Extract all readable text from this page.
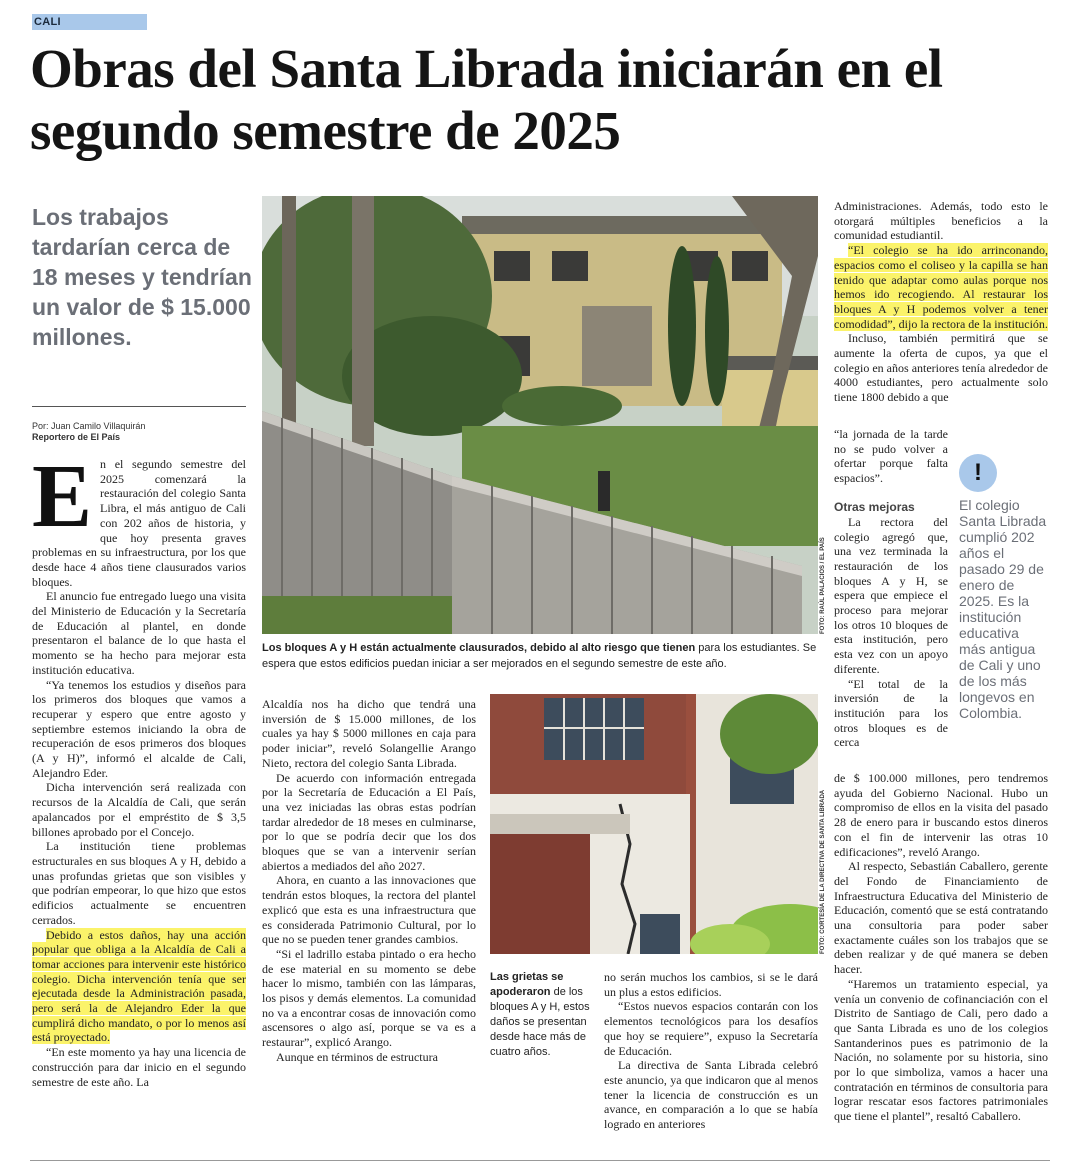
CALI
Obras del Santa Librada iniciarán en el segundo semestre de 2025
Los trabajos tardarían cerca de 18 meses y tendrían un valor de $ 15.000 millones.
Por: Juan Camilo Villaquirán
Reportero de El País
E n el segundo semestre del 2025 comenzará la restauración del colegio Santa Libra, el más antiguo de Cali con 202 años de historia, y que hoy presenta graves problemas en su infraestructura, por los que desde hace 4 años tiene clausurados varios bloques.

El anuncio fue entregado luego una visita del Ministerio de Educación y la Secretaría de Educación al plantel, en donde presentaron el balance de lo que hasta el momento se ha hecho para mejorar esta institución educativa.

“Ya tenemos los estudios y diseños para los primeros dos bloques que vamos a recuperar y espero que entre agosto y septiembre estemos iniciando la obra de recuperación de esos primeros dos bloques (A y H)”, informó el alcalde de Cali, Alejandro Eder.

Dicha intervención será realizada con recursos de la Alcaldía de Cali, que serán apalancados por el empréstito de $ 3,5 billones aprobado por el Concejo.

La institución tiene problemas estructurales en sus bloques A y H, debido a unas profundas grietas que son visibles y que podrían empeorar, lo que hizo que estos edificios actualmente se encuentren cerrados.

Debido a estos daños, hay una acción popular que obliga a la Alcaldía de Cali a tomar acciones para intervenir este histórico colegio. Dicha intervención tenía que ser ejecutada desde la Administración pasada, pero será la de Alejandro Eder la que cumplirá dicho mandato, o por lo menos así está proyectado.

“En este momento ya hay una licencia de construcción para dar inicio en el segundo semestre de este año. La

FOTO: RAÚL PALACIOS / EL PAÍS
Los bloques A y H están actualmente clausurados, debido al alto riesgo que tienen para los estudiantes. Se espera que estos edificios puedan iniciar a ser mejorados en el segundo semestre de este año.

Alcaldía nos ha dicho que tendrá una inversión de $ 15.000 millones, de los cuales ya hay $ 5000 millones en caja para poder iniciar”, reveló Solangellie Arango Nieto, rectora del colegio Santa Librada.

De acuerdo con información entregada por la Secretaría de Educación a El País, una vez iniciadas las obras estas podrían tardar alrededor de 18 meses en culminarse, por lo que se podría decir que los dos bloques que se van a intervenir serían abiertos a mediados del año 2027.

Ahora, en cuanto a las innovaciones que tendrán estos bloques, la rectora del plantel explicó que esta es una infraestructura que es considerada Patrimonio Cultural, por lo que no se pueden tener grandes cambios.

“Si el ladrillo estaba pintado o era hecho de ese material en su momento se debe hacer lo mismo, también con las lámparas, los pisos y demás elementos. La comunidad no va a encontrar cosas de innovación como ascensores o algo así, porque se va es a restaurar”, explicó Arango.

Aunque en términos de estructura

FOTO: CORTESÍA DE LA DIRECTIVA DE SANTA LIBRADA
Las grietas se apoderaron de los bloques A y H, estos daños se presentan desde hace más de cuatro años.

no serán muchos los cambios, si se le dará un plus a estos edificios.

“Estos nuevos espacios contarán con los elementos tecnológicos para los desafíos que hoy se requiere”, expuso la Secretaría de Educación.

La directiva de Santa Librada celebró este anuncio, ya que indicaron que al menos tener la licencia de construcción es un avance, en comparación a lo que se había logrado en anteriores

Administraciones. Además, todo esto le otorgará múltiples beneficios a la comunidad estudiantil.

“El colegio se ha ido arrinconando, espacios como el coliseo y la capilla se han tenido que adaptar como aulas porque nos hemos ido recogiendo. Al restaurar los bloques A y H podemos volver a tener comodidad”, dijo la rectora de la institución.

Incluso, también permitirá que se aumente la oferta de cupos, ya que el colegio en años anteriores tenía alrededor de 4000 estudiantes, pero actualmente solo tiene 1800 debido a que

“la jornada de la tarde no se pudo volver a ofertar porque falta espacios”.

Otras mejoras

La rectora del colegio agregó que, una vez terminada la restauración de los bloques A y H, se espera que empiece el proceso para mejorar los otros 10 bloques de esta institución, pero esta vez con un apoyo diferente.

“El total de la inversión de la institución para los otros bloques es de cerca

!
El colegio Santa Librada cumplió 202 años el pasado 29 de enero de 2025. Es la institución educativa más antigua de Cali y uno de los más longevos en Colombia.

de $ 100.000 millones, pero tendremos ayuda del Gobierno Nacional. Hubo un compromiso de ellos en la visita del pasado 28 de enero para ir buscando estos dineros con el fin de intervenir las otras 10 edificaciones”, reveló Arango.

Al respecto, Sebastián Caballero, gerente del Fondo de Financiamiento de Infraestructura Educativa del Ministerio de Educación, comentó que se está contratando una consultoria para poder saber exactamente cuáles son los trabajos que se deben realizar y de qué manera se deben hacer.

“Haremos un tratamiento especial, ya venía un convenio de cofinanciación con el Distrito de Santiago de Cali, pero dado a que Santa Librada es uno de los colegios Santanderinos pues es patrimonio de la Nación, no solamente por su historia, sino por lo que simboliza, vamos a hacer una contratación en términos de consultoria para lograr rescatar esos factores patrimoniales que tiene el plantel”, resaltó Caballero.
